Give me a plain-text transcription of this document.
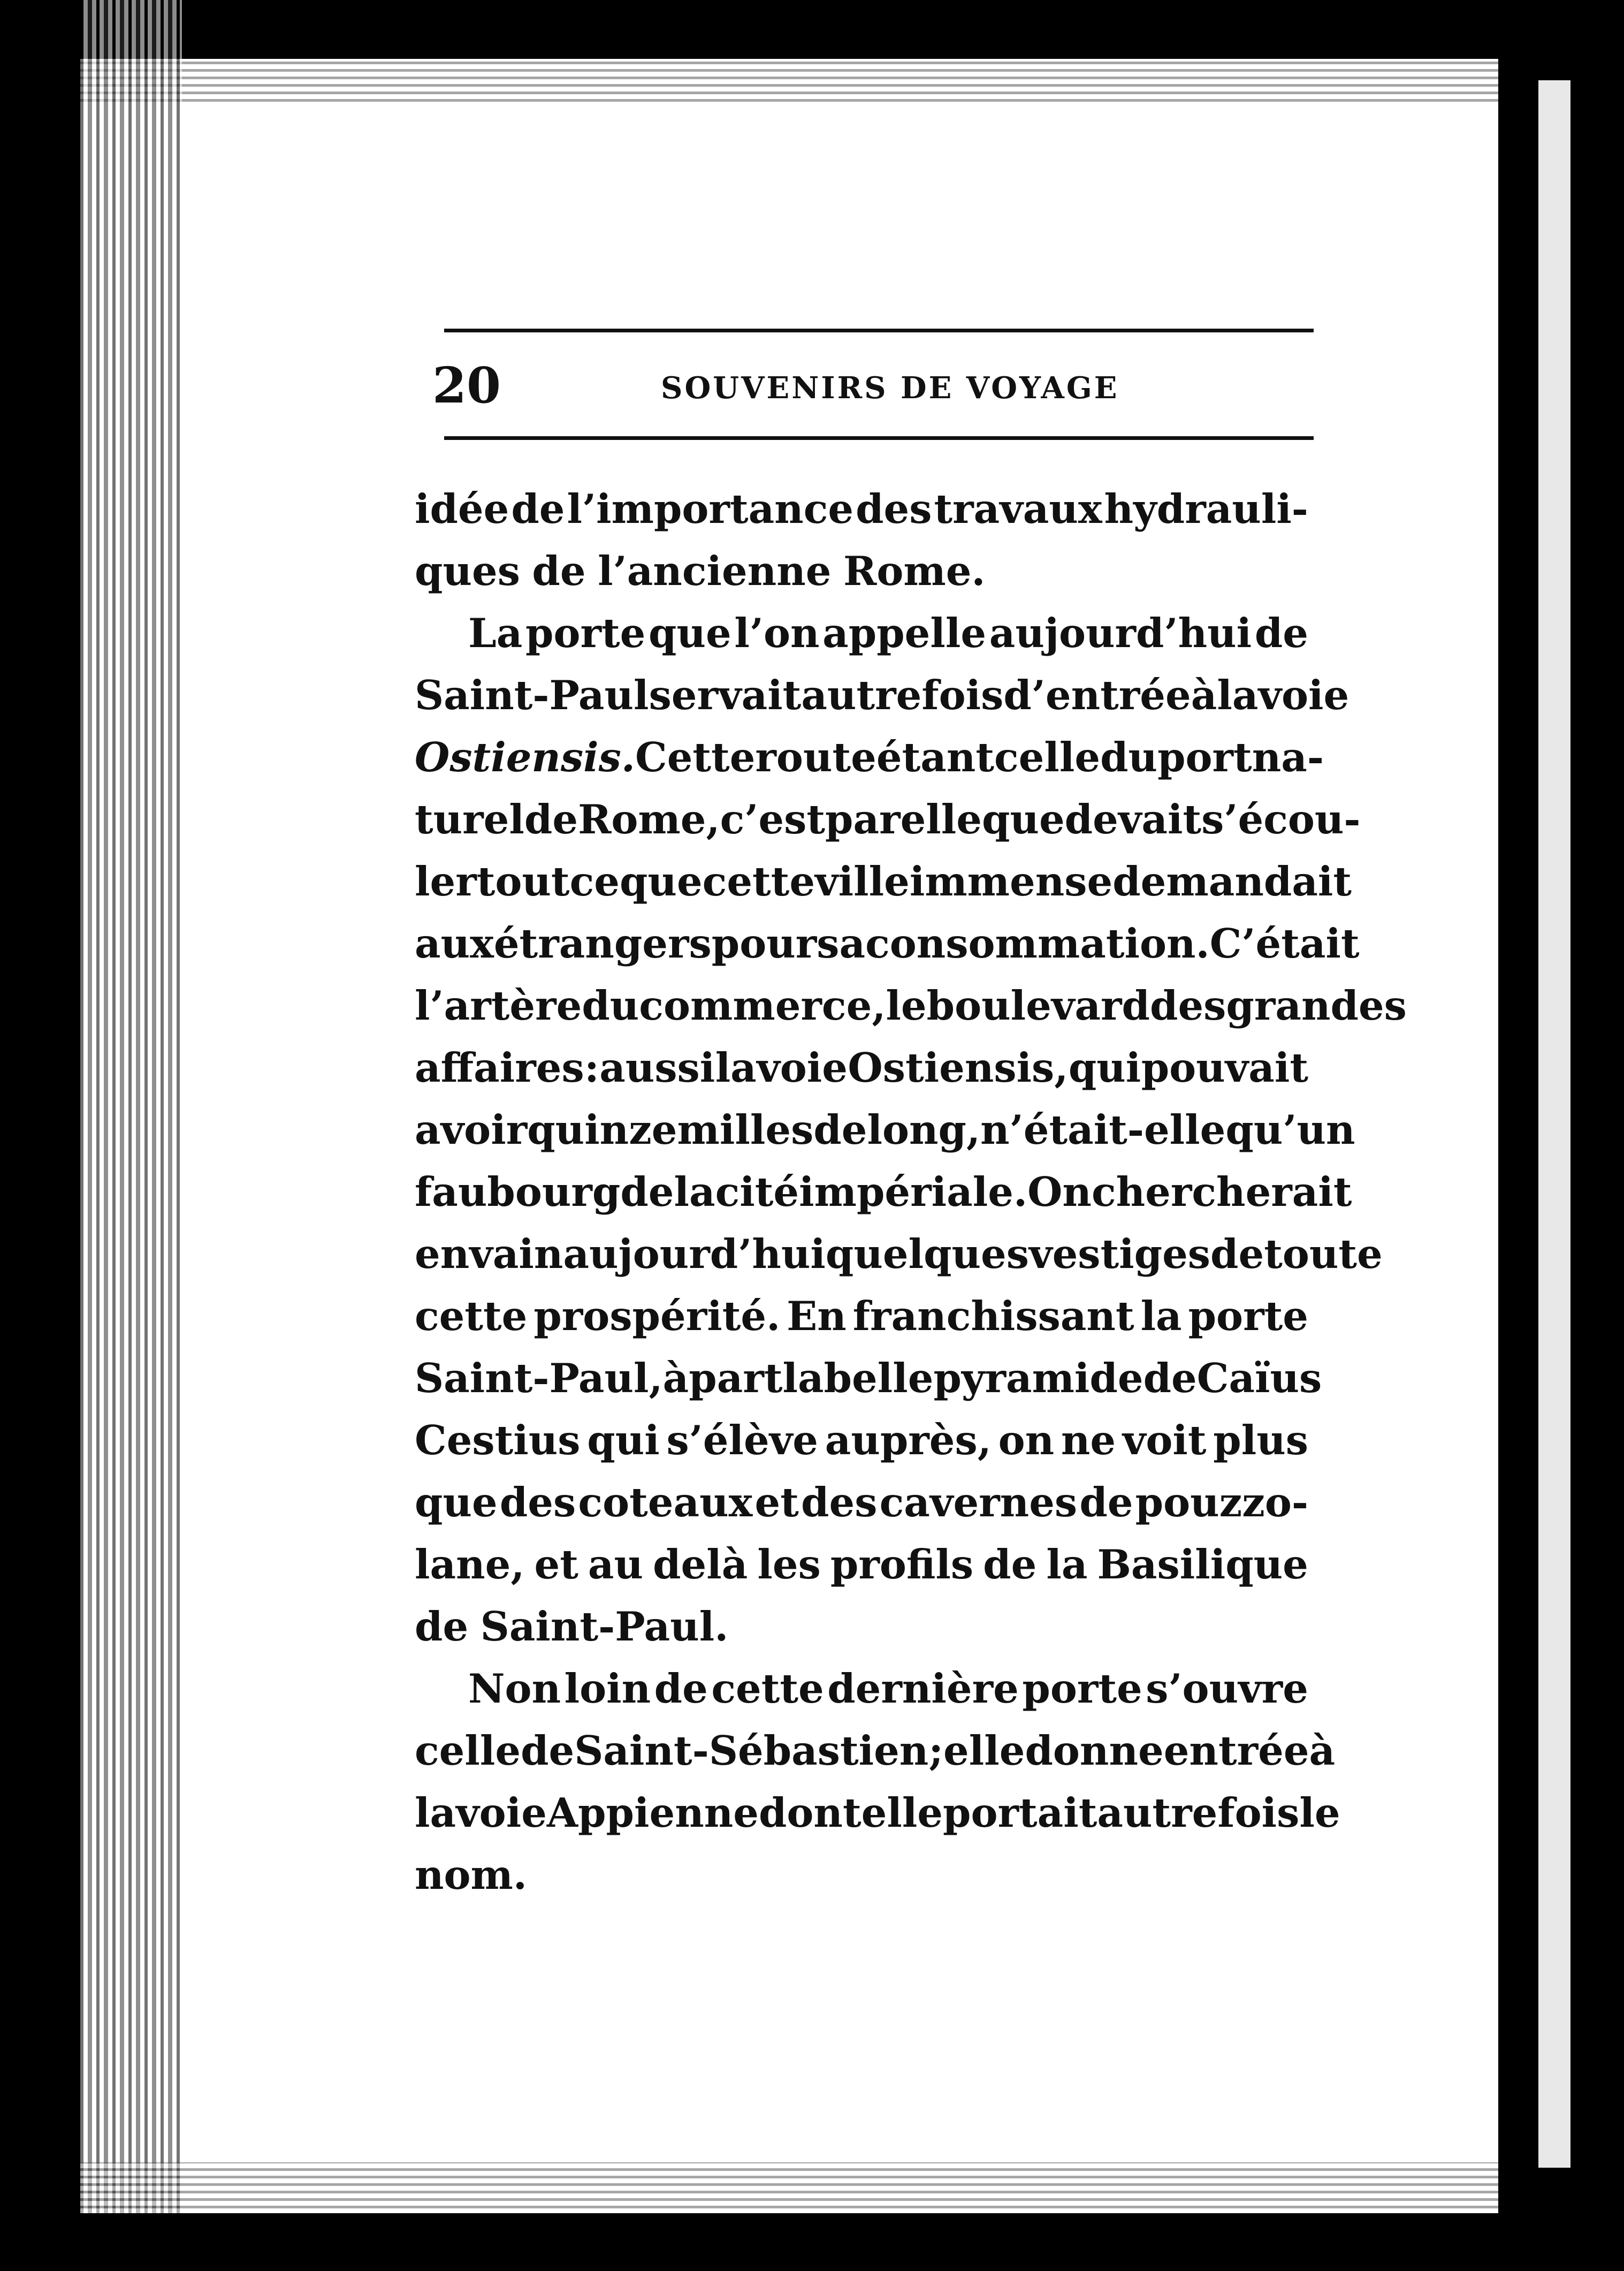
20	SOUVENIRS DE VOYAGE
idée de l’importance des travaux hydrauli-
ques de l’ancienne Rome.
La porte que l’on appelle aujourd’hui de
Saint-Paul servait autrefois d’entrée à la voie
Ostiensis. Cette route étant celle du port na-
turel de Rome, c’est par elle que devait s’écou-
ler tout ce que cette ville immense demandait
aux étrangers pour sa consommation. C’était
l’artère du commerce, le boulevard des grandes
affaires : aussi la voie Ostiensis, qui pouvait
avoir quinze milles de long, n’était-elle qu’un
faubourg de la cité impériale. On chercherait
en vain aujourd’hui quelques vestiges de toute
cette prospérité. En franchissant la porte
Saint-Paul, à part la belle pyramide de Caïus
Cestius qui s’élève auprès, on ne voit plus
que des coteaux et des cavernes de pouzzo-
lane, et au delà les profils de la Basilique
de Saint-Paul.
Non loin de cette dernière porte s’ouvre
celle de Saint-Sébastien ; elle donne entrée à
la voie Appienne dont elle portait autrefois le
nom.
